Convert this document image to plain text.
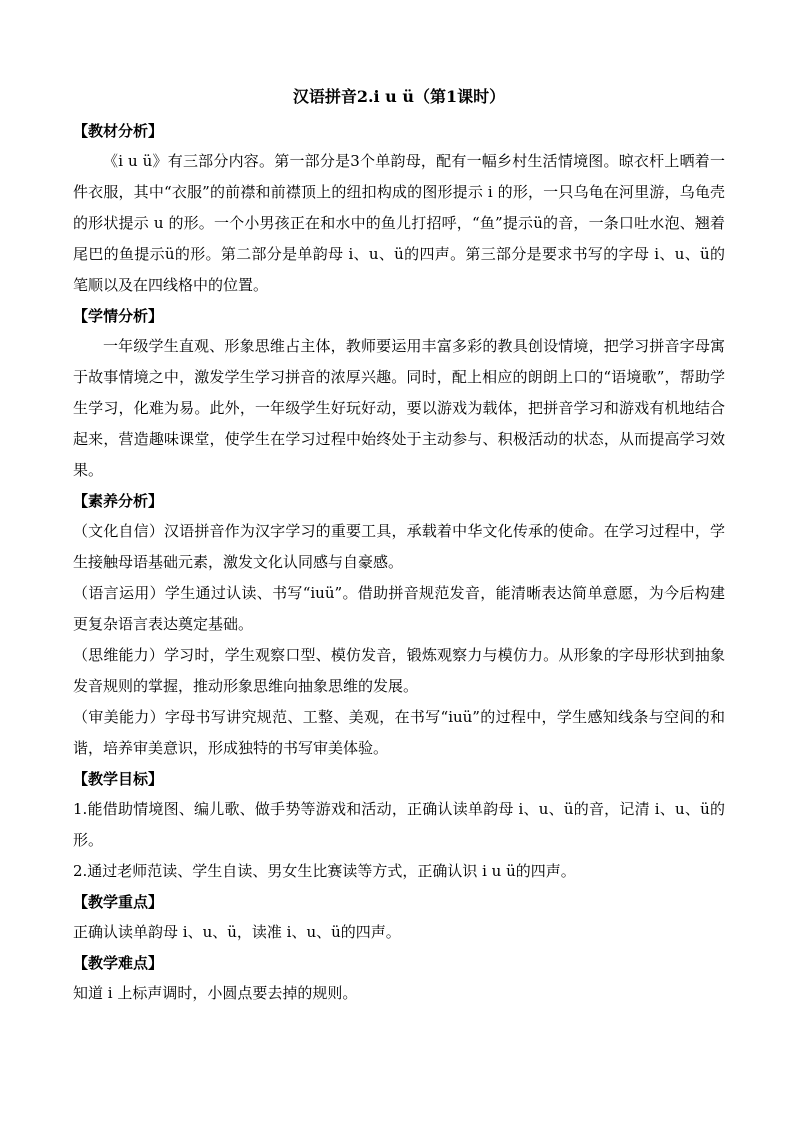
汉语拼音2.i u ü（第1课时）
【教材分析】

《i u ü》有三部分内容。第一部分是3个单韵母，配有一幅乡村生活情境图。晾衣杆上晒着一件衣服，其中“衣服”的前襟和前襟顶上的纽扣构成的图形提示 i 的形，一只乌龟在河里游，乌龟壳的形状提示 u 的形。一个小男孩正在和水中的鱼儿打招呼，“鱼”提示ü的音，一条口吐水泡、翘着尾巴的鱼提示ü的形。第二部分是单韵母 i、u、ü的四声。第三部分是要求书写的字母 i、u、ü的笔顺以及在四线格中的位置。

【学情分析】

一年级学生直观、形象思维占主体，教师要运用丰富多彩的教具创设情境，把学习拼音字母寓于故事情境之中，激发学生学习拼音的浓厚兴趣。同时，配上相应的朗朗上口的“语境歌”，帮助学生学习，化难为易。此外，一年级学生好玩好动，要以游戏为载体，把拼音学习和游戏有机地结合起来，营造趣味课堂，使学生在学习过程中始终处于主动参与、积极活动的状态，从而提高学习效果。

【素养分析】

（文化自信）汉语拼音作为汉字学习的重要工具，承载着中华文化传承的使命。在学习过程中，学生接触母语基础元素，激发文化认同感与自豪感。

（语言运用）学生通过认读、书写“iuü”。借助拼音规范发音，能清晰表达简单意愿，为今后构建更复杂语言表达奠定基础。

（思维能力）学习时，学生观察口型、模仿发音，锻炼观察力与模仿力。从形象的字母形状到抽象发音规则的掌握，推动形象思维向抽象思维的发展。

（审美能力）字母书写讲究规范、工整、美观，在书写“iuü”的过程中，学生感知线条与空间的和谐，培养审美意识，形成独特的书写审美体验。

【教学目标】

1.能借助情境图、编儿歌、做手势等游戏和活动，正确认读单韵母 i、u、ü的音，记清 i、u、ü的形。

2.通过老师范读、学生自读、男女生比赛读等方式，正确认识 i u ü的四声。

【教学重点】

正确认读单韵母 i、u、ü，读准 i、u、ü的四声。

【教学难点】

知道 i 上标声调时，小圆点要去掉的规则。
